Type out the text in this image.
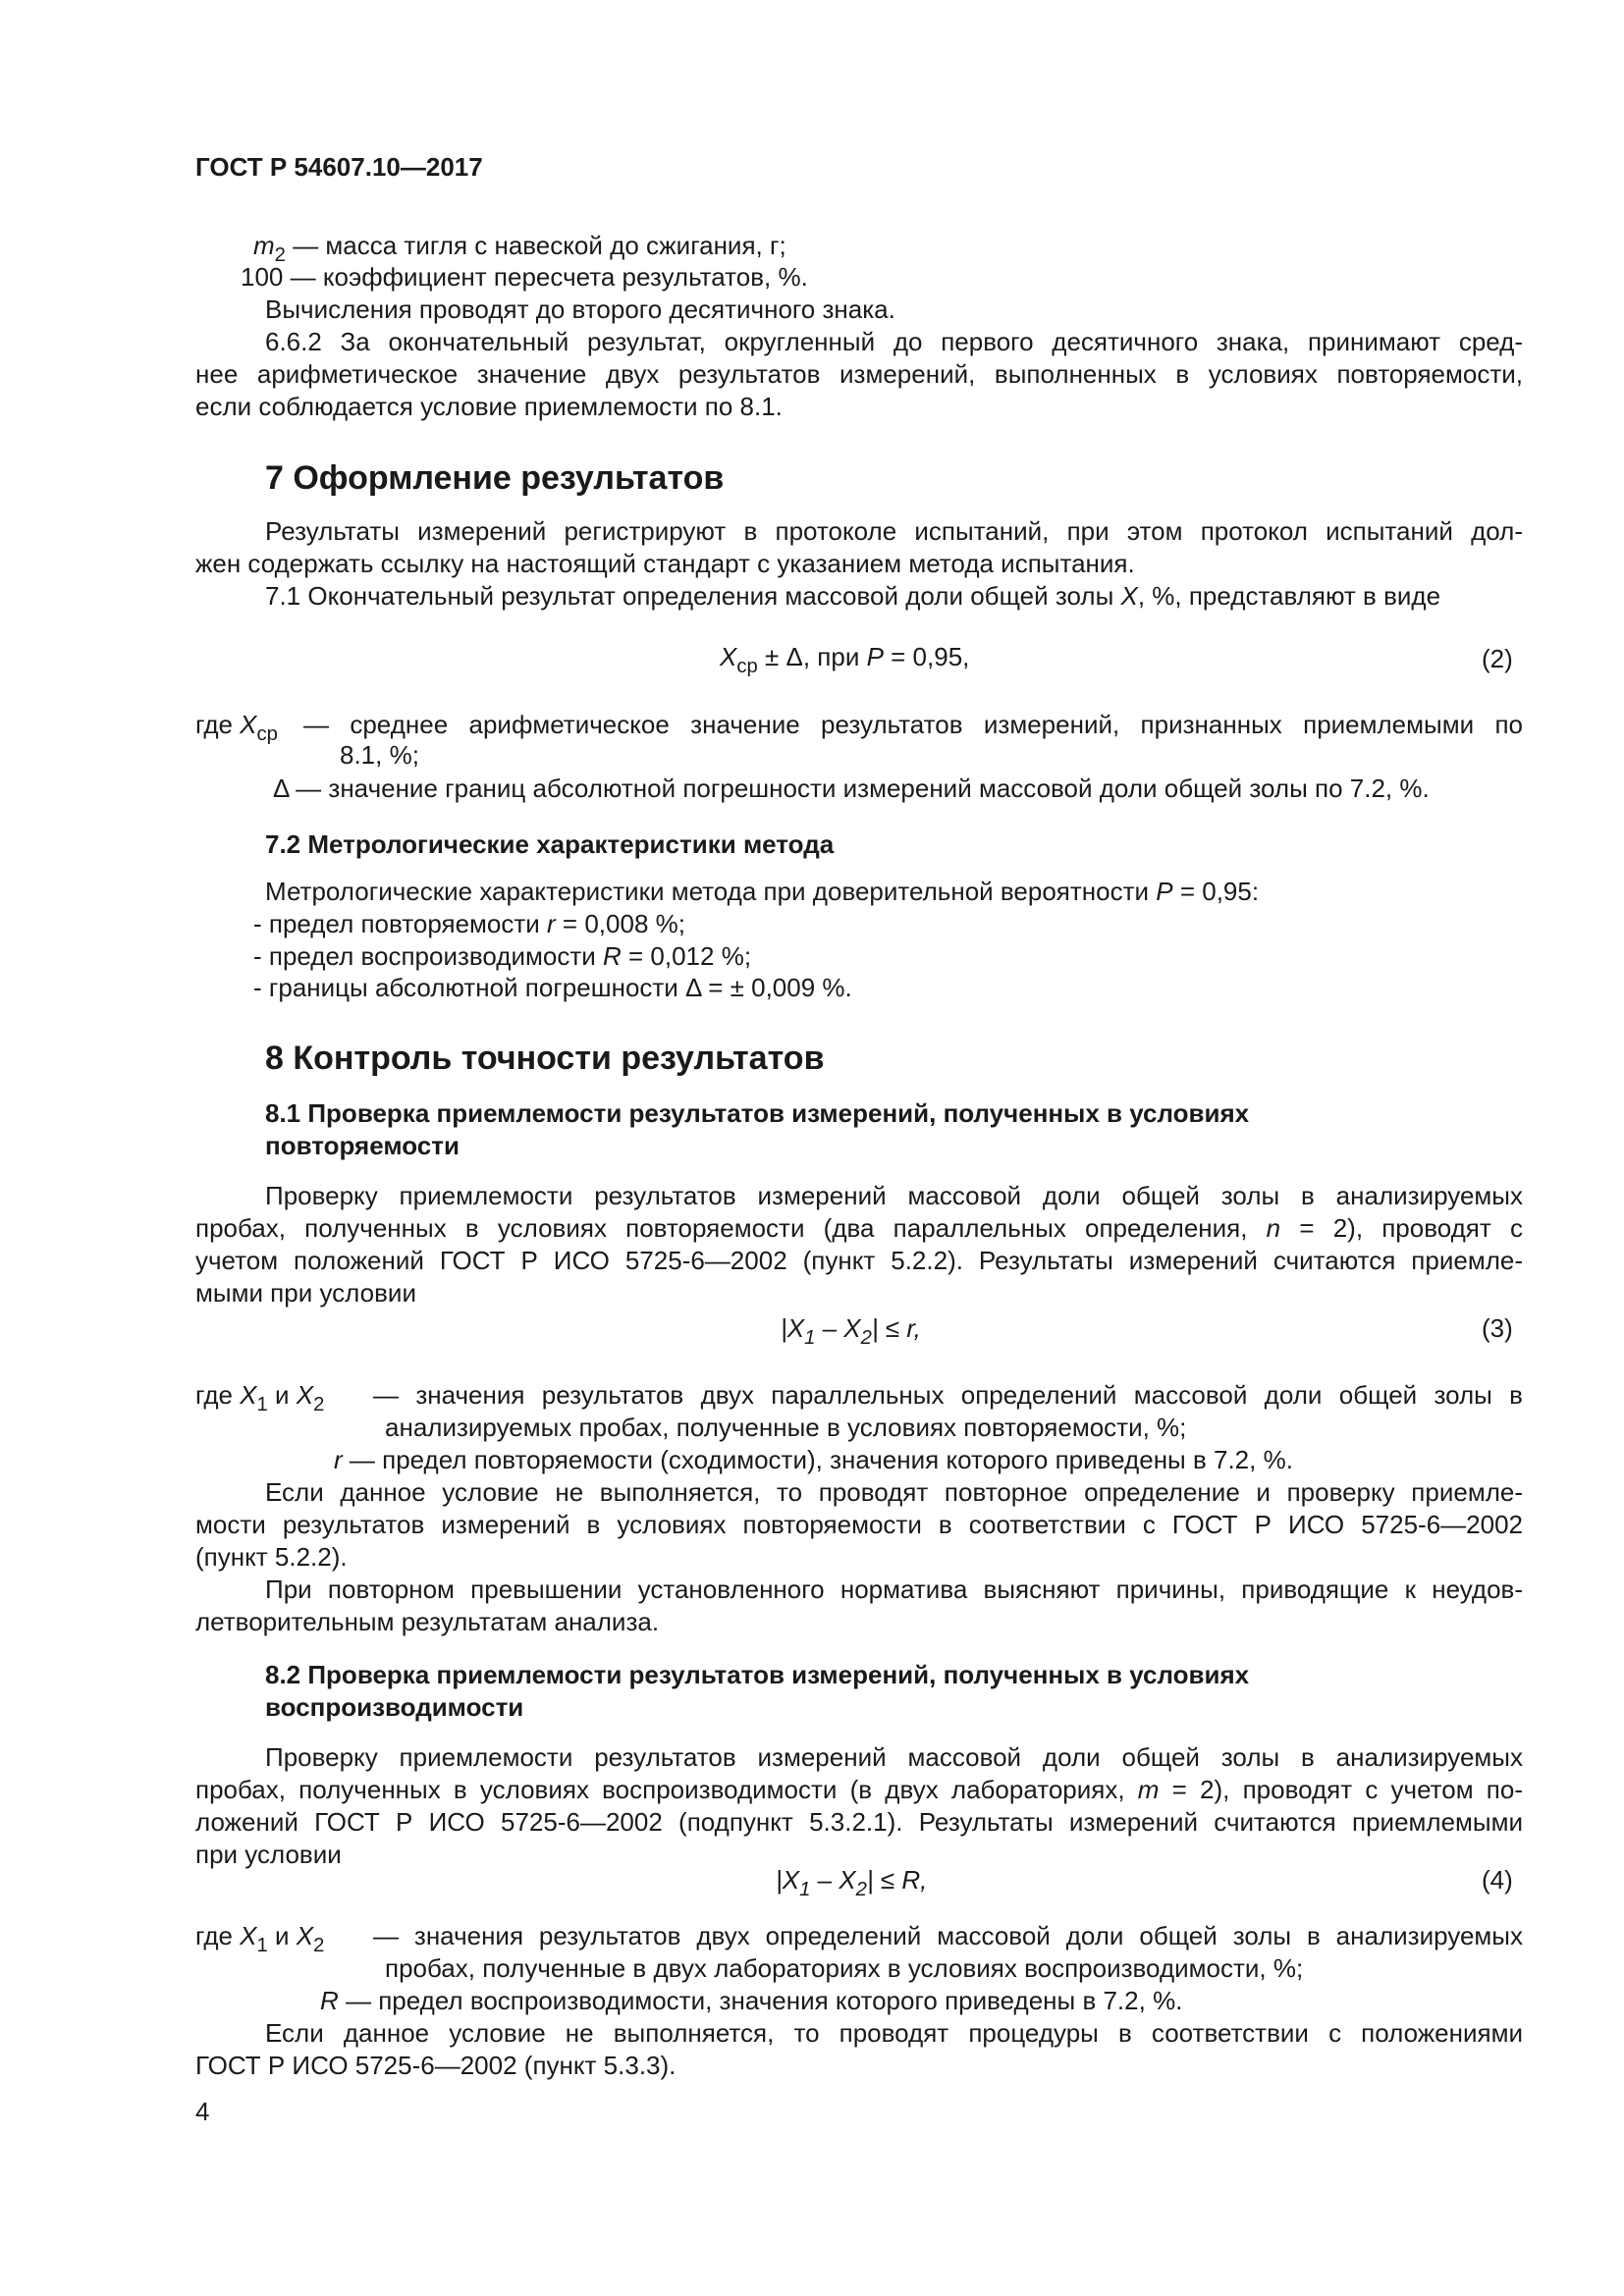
ГОСТ Р 54607.10—2017
$m_2$ — масса тигля с навеской до сжигания, г;
100 — коэффициент пересчета результатов, %.
Вычисления проводят до второго десятичного знака.
6.6.2 За окончательный результат, округленный до первого десятичного знака, принимают сред-
нее арифметическое значение двух результатов измерений, выполненных в условиях повторяемости,
если соблюдается условие приемлемости по 8.1.
7 Оформление результатов
Результаты измерений регистрируют в протоколе испытаний, при этом протокол испытаний дол-
жен содержать ссылку на настоящий стандарт с указанием метода испытания.
7.1 Окончательный результат определения массовой доли общей золы X, %, представляют в виде
$X_{ср} \pm \Delta$, при P = 0,95,	(2)
где $X_{ср}$ — среднее арифметическое значение результатов измерений, признанных приемлемыми по
8.1, %;
Δ — значение границ абсолютной погрешности измерений массовой доли общей золы по 7.2, %.
7.2 Метрологические характеристики метода
Метрологические характеристики метода при доверительной вероятности P = 0,95:
- предел повторяемости r = 0,008 %;
- предел воспроизводимости R = 0,012 %;
- границы абсолютной погрешности Δ = ± 0,009 %.
8 Контроль точности результатов
8.1 Проверка приемлемости результатов измерений, полученных в условиях
повторяемости
Проверку приемлемости результатов измерений массовой доли общей золы в анализируемых
пробах, полученных в условиях повторяемости (два параллельных определения, n = 2), проводят с
учетом положений ГОСТ Р ИСО 5725-6—2002 (пункт 5.2.2). Результаты измерений считаются приемле-
мыми при условии
$|X_1 - X_2| \le r$,	(3)
где $X_1$ и $X_2$ — значения результатов двух параллельных определений массовой доли общей золы в
анализируемых пробах, полученные в условиях повторяемости, %;
r — предел повторяемости (сходимости), значения которого приведены в 7.2, %.
Если данное условие не выполняется, то проводят повторное определение и проверку приемле-
мости результатов измерений в условиях повторяемости в соответствии с ГОСТ Р ИСО 5725-6—2002
(пункт 5.2.2).
При повторном превышении установленного норматива выясняют причины, приводящие к неудов-
летворительным результатам анализа.
8.2 Проверка приемлемости результатов измерений, полученных в условиях
воспроизводимости
Проверку приемлемости результатов измерений массовой доли общей золы в анализируемых
пробах, полученных в условиях воспроизводимости (в двух лабораториях, m = 2), проводят с учетом по-
ложений ГОСТ Р ИСО 5725-6—2002 (подпункт 5.3.2.1). Результаты измерений считаются приемлемыми
при условии
$|X_1 - X_2| \le R$,	(4)
где $X_1$ и $X_2$ — значения результатов двух определений массовой доли общей золы в анализируемых
пробах, полученные в двух лабораториях в условиях воспроизводимости, %;
R — предел воспроизводимости, значения которого приведены в 7.2, %.
Если данное условие не выполняется, то проводят процедуры в соответствии с положениями
ГОСТ Р ИСО 5725-6—2002 (пункт 5.3.3).
4
